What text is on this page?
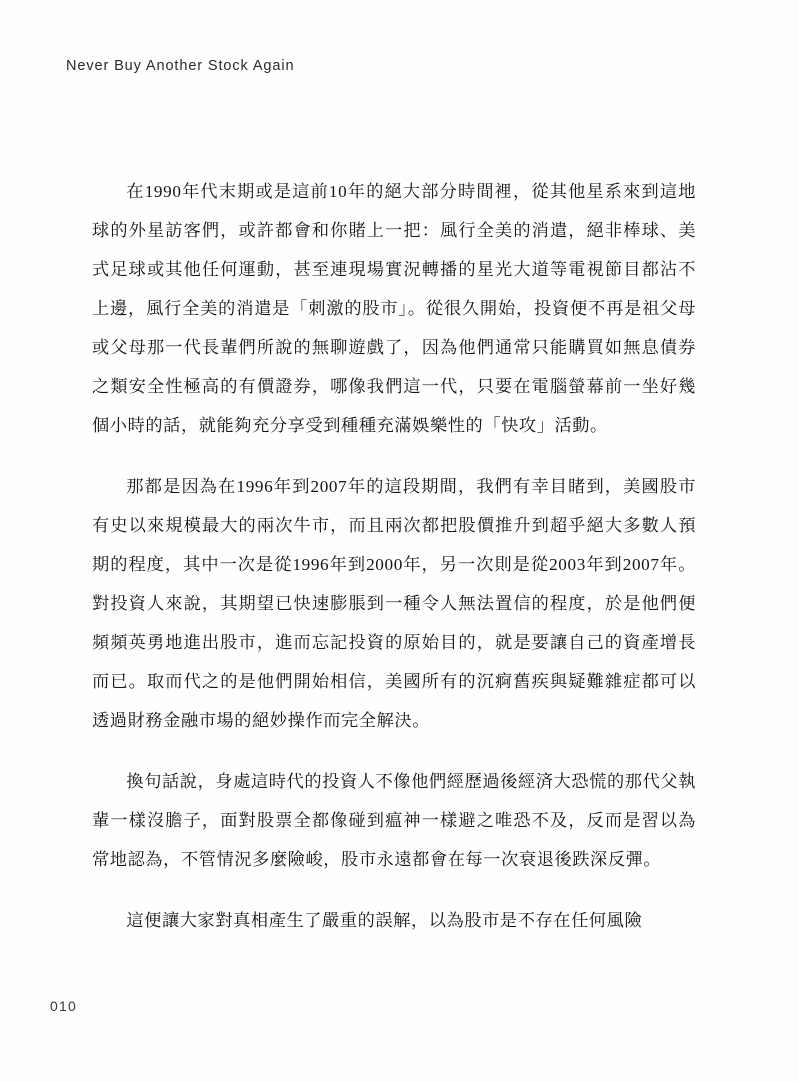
Never Buy Another Stock Again

在1990年代末期或是這前10年的絕大部分時間裡，從其他星系來到這地球的外星訪客們，或許都會和你賭上一把：風行全美的消遣，絕非棒球、美式足球或其他任何運動，甚至連現場實況轉播的星光大道等電視節目都沾不上邊，風行全美的消遣是「刺激的股市」。從很久開始，投資便不再是祖父母或父母那一代長輩們所說的無聊遊戲了，因為他們通常只能購買如無息債券之類安全性極高的有價證券，哪像我們這一代，只要在電腦螢幕前一坐好幾個小時的話，就能夠充分享受到種種充滿娛樂性的「快攻」活動。

那都是因為在1996年到2007年的這段期間，我們有幸目睹到，美國股市有史以來規模最大的兩次牛市，而且兩次都把股價推升到超乎絕大多數人預期的程度，其中一次是從1996年到2000年，另一次則是從2003年到2007年。對投資人來說，其期望已快速膨脹到一種令人無法置信的程度，於是他們便頻頻英勇地進出股市，進而忘記投資的原始目的，就是要讓自己的資產增長而已。取而代之的是他們開始相信，美國所有的沉痾舊疾與疑難雜症都可以透過財務金融市場的絕妙操作而完全解決。

換句話說，身處這時代的投資人不像他們經歷過後經済大恐慌的那代父執輩一樣沒膽子，面對股票全都像碰到瘟神一樣避之唯恐不及，反而是習以為常地認為，不管情況多麼險峻，股市永遠都會在每一次衰退後跌深反彈。

這便讓大家對真相產生了嚴重的誤解，以為股市是不存在任何風險

010
